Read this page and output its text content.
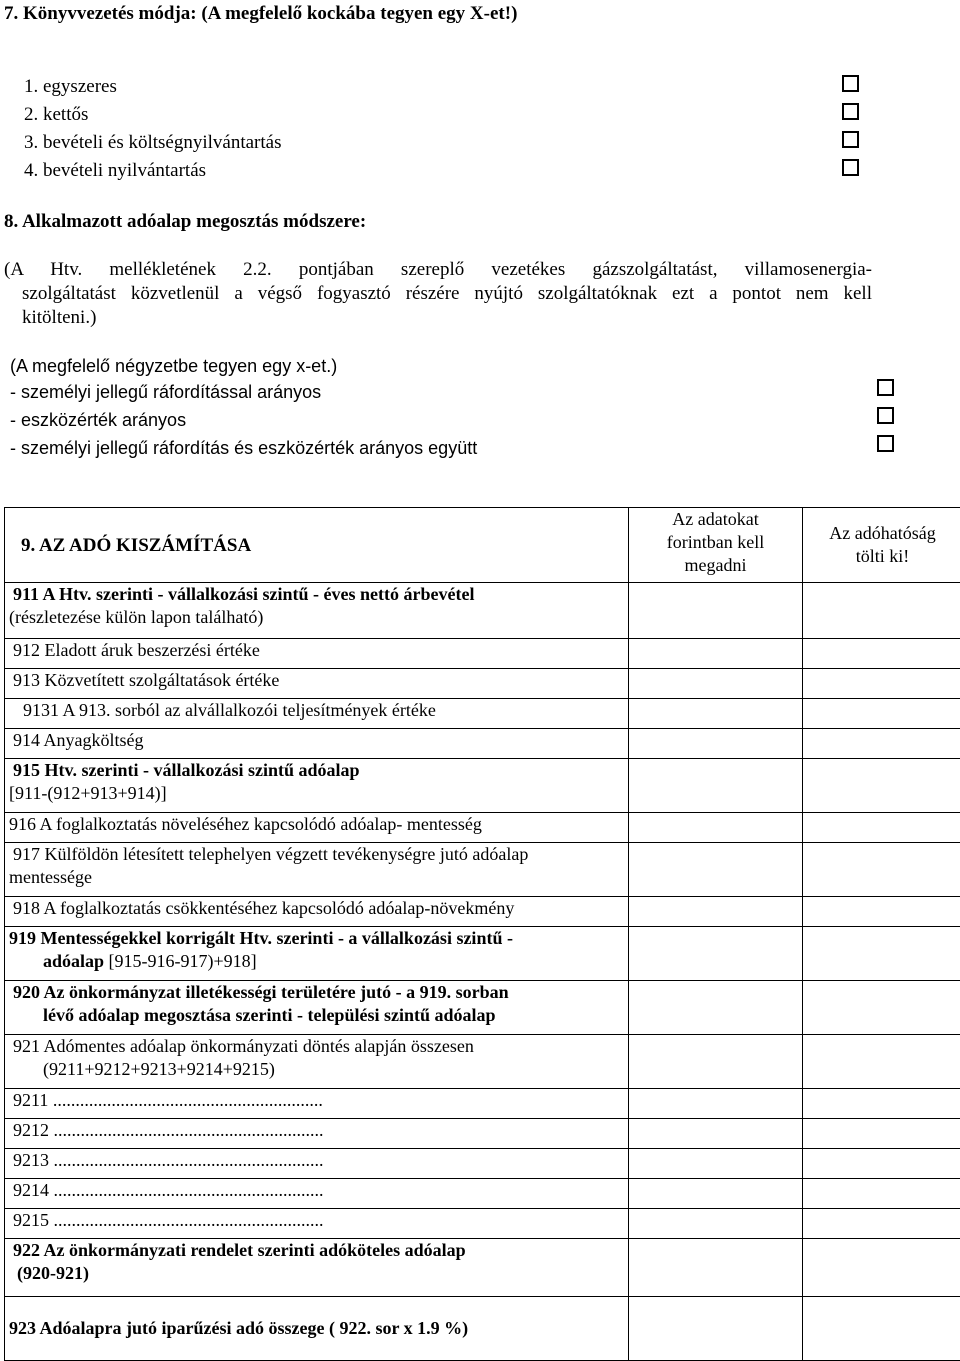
7. Könyvvezetés módja: (A megfelelő kockába tegyen egy X-et!)
1. egyszeres
2. kettős
3. bevételi és költségnyilvántartás
4. bevételi nyilvántartás
8. Alkalmazott adóalap megosztás módszere:
(A Htv. mellékletének 2.2. pontjában szereplő vezetékes gázszolgáltatást, villamosenergia-
szolgáltatást közvetlenül a végső fogyasztó részére nyújtó szolgáltatóknak ezt a pontot nem kell
kitölteni.)
(A megfelelő négyzetbe tegyen egy x-et.)
- személyi jellegű ráfordítással arányos
- eszközérték arányos
- személyi jellegű ráfordítás és eszközérték arányos együtt
9. AZ ADÓ KISZÁMÍTÁSA	Az adatokat forintban kell megadni	Az adóhatóság tölti ki!

911 A Htv. szerinti - vállalkozási szintű - éves nettó árbevétel
(részletezése külön lapon található)		

912 Eladott áruk beszerzési értéke		
913 Közvetített szolgáltatások értéke		
9131 A 913. sorból az alvállalkozói teljesítmények értéke		
914 Anyagköltség		

915 Htv. szerinti - vállalkozási szintű adóalap
[911-(912+913+914)]		

916 A foglalkoztatás növeléséhez kapcsolódó adóalap- mentesség		

917 Külföldön létesített telephelyen végzett tevékenységre jutó adóalap
mentessége		

918 A foglalkoztatás csökkentéséhez kapcsolódó adóalap-növekmény		

919 Mentességekkel korrigált Htv. szerinti - a vállalkozási szintű -
adóalap [915-916-917)+918]		

920 Az önkormányzat illetékességi területére jutó - a 919. sorban
lévő adóalap megosztása szerinti - települési szintű adóalap		

921 Adómentes adóalap önkormányzati döntés alapján összesen
(9211+9212+9213+9214+9215)		

9211 ............................................................		
9212 ............................................................		
9213 ............................................................		
9214 ............................................................		
9215 ............................................................		

922 Az önkormányzati rendelet szerinti adóköteles adóalap
(920-921)		

923 Adóalapra jutó iparűzési adó összege ( 922. sor x 1.9 %)		
